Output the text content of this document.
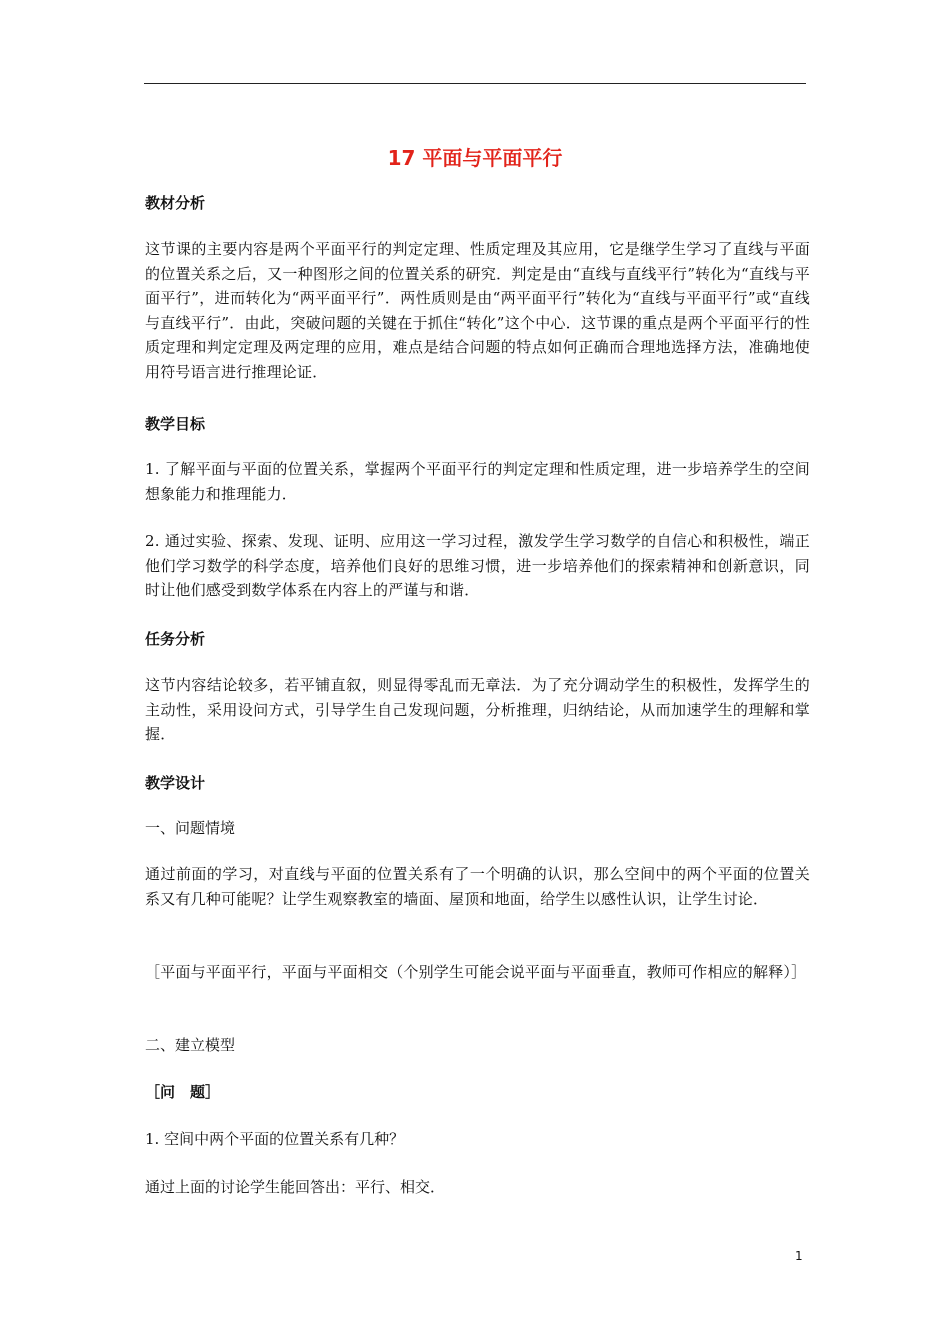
17 平面与平面平行
教材分析
这节课的主要内容是两个平面平行的判定定理、性质定理及其应用，它是继学生学习了直线与平面的位置关系之后，又一种图形之间的位置关系的研究．判定是由“直线与直线平行”转化为“直线与平面平行”，进而转化为“两平面平行”．两性质则是由“两平面平行”转化为“直线与平面平行”或“直线与直线平行”．由此，突破问题的关键在于抓住“转化”这个中心．这节课的重点是两个平面平行的性质定理和判定定理及两定理的应用，难点是结合问题的特点如何正确而合理地选择方法，准确地使用符号语言进行推理论证．
教学目标
1. 了解平面与平面的位置关系，掌握两个平面平行的判定定理和性质定理，进一步培养学生的空间想象能力和推理能力．
2. 通过实验、探索、发现、证明、应用这一学习过程，激发学生学习数学的自信心和积极性，端正他们学习数学的科学态度，培养他们良好的思维习惯，进一步培养他们的探索精神和创新意识，同时让他们感受到数学体系在内容上的严谨与和谐．
任务分析
这节内容结论较多，若平铺直叙，则显得零乱而无章法．为了充分调动学生的积极性，发挥学生的主动性，采用设问方式，引导学生自己发现问题，分析推理，归纳结论，从而加速学生的理解和掌握．
教学设计
一、问题情境
通过前面的学习，对直线与平面的位置关系有了一个明确的认识，那么空间中的两个平面的位置关系又有几种可能呢？让学生观察教室的墙面、屋顶和地面，给学生以感性认识，让学生讨论．
［平面与平面平行，平面与平面相交（个别学生可能会说平面与平面垂直，教师可作相应的解释）］
二、建立模型
［问　题］
1. 空间中两个平面的位置关系有几种？
通过上面的讨论学生能回答出：平行、相交．
1
